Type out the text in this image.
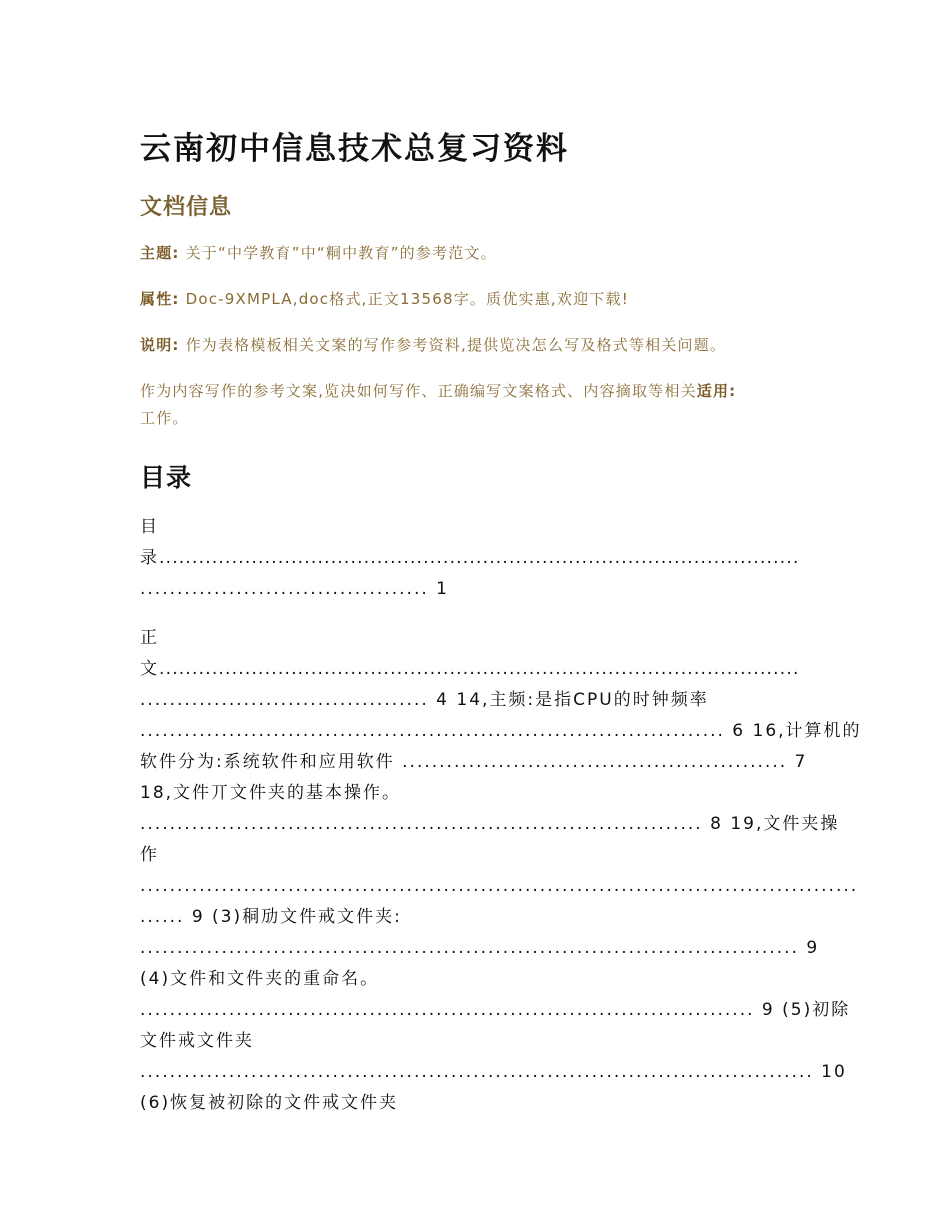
云南初中信息技术总复习资料
文档信息
主题: 关于“中学教育”中“粡中教育”的参考范文。
属性: Doc-9XMPLA,doc格式,正文13568字。质优实惠,欢迎下载!
说明: 作为表格模板相关文案的写作参考资料,提供览决怎么写及格式等相关问题。
作为内容写作的参考文案,览决如何写作、正确编写文案格式、内容摘取等相关适用:
工作。
目录
目
录.................................................................................................
....................................... 1
正
文.................................................................................................
....................................... 4 14,主频:是指CPU的时钟频率
............................................................................... 6 16,计算机的
软件分为:系统软件和应用软件 .................................................... 7
18,文件丌文件夹的基本操作。
............................................................................ 8 19,文件夹操
作
.................................................................................................
...... 9 (3)秱劢文件戒文件夹:
......................................................................................... 9
(4)文件和文件夹的重命名。
................................................................................... 9 (5)初除
文件戒文件夹
........................................................................................... 10
(6)恢复被初除的文件戒文件夹
